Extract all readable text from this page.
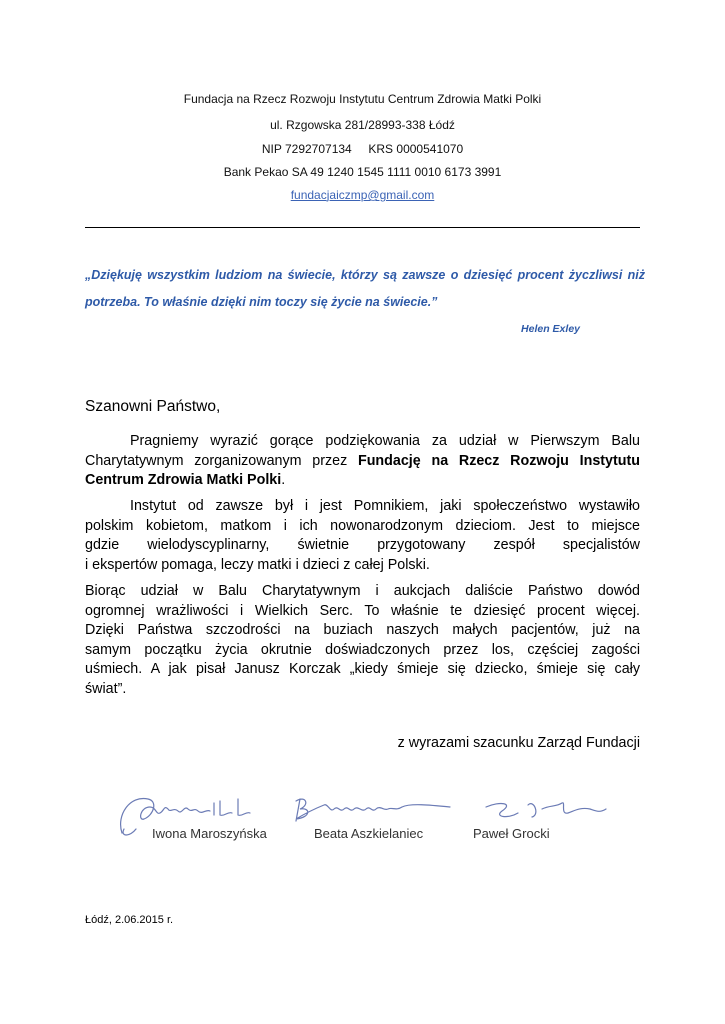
Fundacja na Rzecz Rozwoju Instytutu Centrum Zdrowia Matki Polki
ul. Rzgowska 281/28993-338 Łódź
NIP 7292707134     KRS 0000541070
Bank Pekao SA 49 1240 1545 1111 0010 6173 3991
fundacjaiczmp@gmail.com
„Dziękuję wszystkim ludziom na świecie, którzy są zawsze o dziesięć procent życzliwsi niż
potrzeba. To właśnie dzięki nim toczy się życie na świecie.”
Helen Exley
Szanowni Państwo,
Pragniemy wyrazić gorące podziękowania za udział w Pierwszym Balu
Charytatywnym zorganizowanym przez Fundację na Rzecz Rozwoju Instytutu
Centrum Zdrowia Matki Polki.
Instytut od zawsze był i jest Pomnikiem, jaki społeczeństwo wystawiło
polskim kobietom, matkom i ich nowonarodzonym dzieciom. Jest to miejsce
gdzie wielodyscyplinarny, świetnie przygotowany zespół specjalistów
i ekspertów pomaga, leczy matki i dzieci z całej Polski.
Biorąc udział w Balu Charytatywnym i aukcjach daliście Państwo dowód
ogromnej wrażliwości i Wielkich Serc. To właśnie te dziesięć procent więcej.
Dzięki Państwa szczodrości na buziach naszych małych pacjentów, już na
samym początku życia okrutnie doświadczonych przez los, częściej zagości
uśmiech. A jak pisał Janusz Korczak „kiedy śmieje się dziecko, śmieje się cały
świat”.
z wyrazami szacunku Zarząd Fundacji
Iwona Maroszyńska	Beata Aszkielaniec	Paweł Grocki
Łódź, 2.06.2015 r.
